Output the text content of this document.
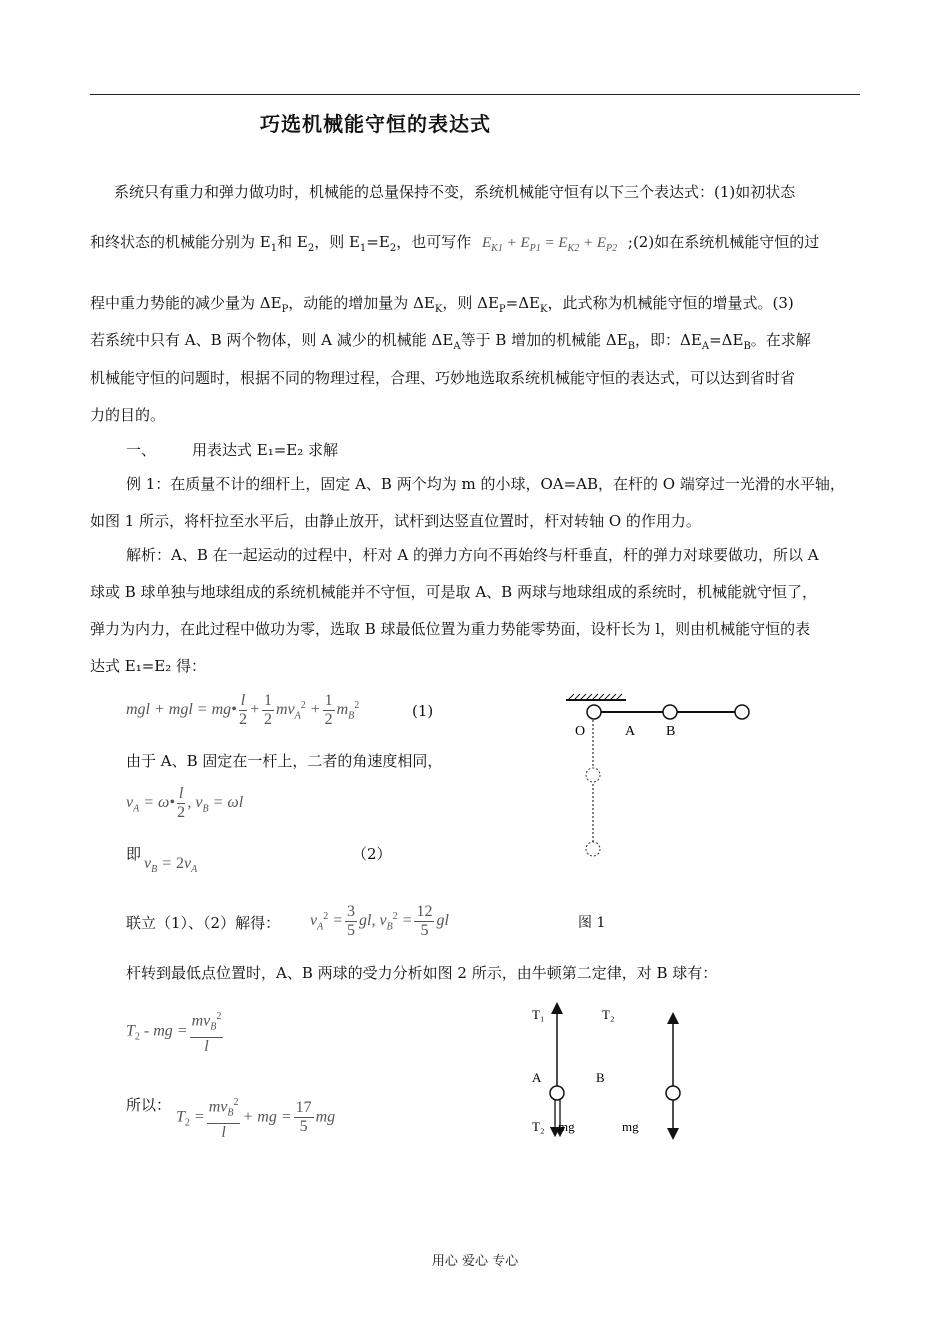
巧选机械能守恒的表达式
系统只有重力和弹力做功时，机械能的总量保持不变，系统机械能守恒有以下三个表达式：(1)如初状态
和终状态的机械能分别为 $E_1$和 $E_2$，则 $E_1=E_2$，也可写作 $E_{K1} + E_{P1} = E_{K2} + E_{P2}$ ;(2)如在系统机械能守恒的过
程中重力势能的减少量为 $\Delta E_P$，动能的增加量为 $\Delta E_K$，则 $\Delta E_P=\Delta E_K$，此式称为机械能守恒的增量式。(3)
若系统中只有 A、B 两个物体，则 A 减少的机械能 $\Delta E_A$等于 B 增加的机械能 $\Delta E_B$，即：$\Delta E_A=\Delta E_B$。在求解
机械能守恒的问题时，根据不同的物理过程，合理、巧妙地选取系统机械能守恒的表达式，可以达到省时省
力的目的。
一、 用表达式 E₁=E₂ 求解
例 1：在质量不计的细杆上，固定 A、B 两个均为 m 的小球，OA=AB，在杆的 O 端穿过一光滑的水平轴，
如图 1 所示，将杆拉至水平后，由静止放开，试杆到达竖直位置时，杆对转轴 O 的作用力。
解析：A、B 在一起运动的过程中，杆对 A 的弹力方向不再始终与杆垂直，杆的弹力对球要做功，所以 A
球或 B 球单独与地球组成的系统机械能并不守恒，可是取 A、B 两球与地球组成的系统时，机械能就守恒了，
弹力为内力，在此过程中做功为零，选取 B 球最低位置为重力势能零势面，设杆长为 l，则由机械能守恒的表
达式 E₁=E₂ 得：
mgl + mgl = mg• $\frac{l}{2} + \frac{1}{2} mv_A^2 + \frac{1}{2} m_B^2$	(1)
由于 A、B 固定在一杆上，二者的角速度相同，
$v_A$ = ω• $\frac{l}{2}$ , $v_B = \omega l$
即
$v_B = 2v_A$
（2）
联立（1）、（2）解得： $v_A^2 = \frac{3}{5}$ gl, $v_B^2 = \frac{12}{5}$ gl
杆转到最低点位置时，A、B 两球的受力分析如图 2 所示，由牛顿第二定律，对 B 球有：
$T_2$ - mg = $\frac{mv_B^2}{l}$
所以：
$T_2 = \frac{mv_B^2}{l}$ + mg = $\frac{17}{5}$ mg
O	A B
图 1
T₁	T₂
A	B
T₂ mg	mg
用心 爱心 专心
